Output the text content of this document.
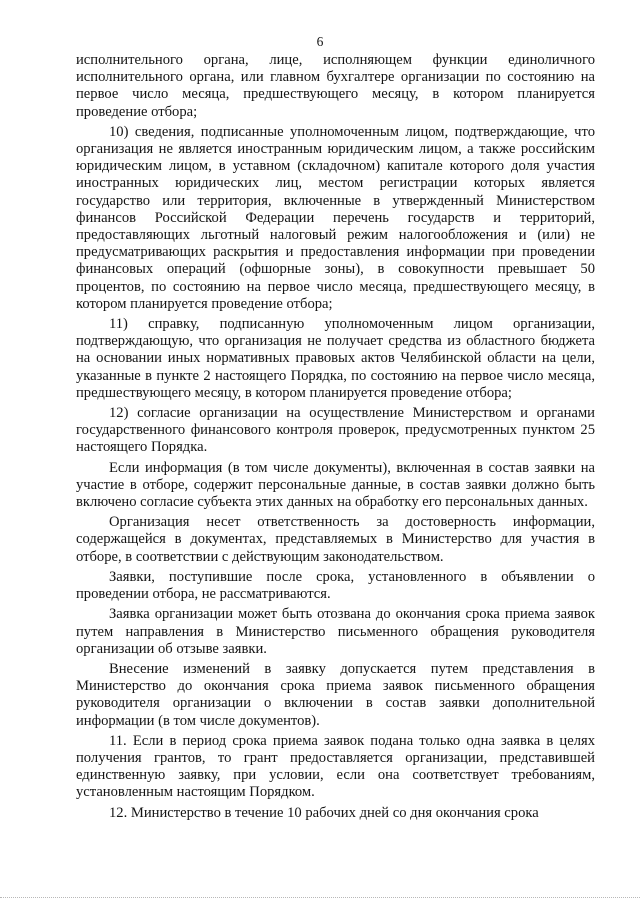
6

исполнительного органа, лице, исполняющем функции единоличного исполнительного органа, или главном бухгалтере организации по состоянию на первое число месяца, предшествующего месяцу, в котором планируется проведение отбора;

10) сведения, подписанные уполномоченным лицом, подтверждающие, что организация не является иностранным юридическим лицом, а также российским юридическим лицом, в уставном (складочном) капитале которого доля участия иностранных юридических лиц, местом регистрации которых является государство или территория, включенные в утвержденный Министерством финансов Российской Федерации перечень государств и территорий, предоставляющих льготный налоговый режим налогообложения и (или) не предусматривающих раскрытия и предоставления информации при проведении финансовых операций (офшорные зоны), в совокупности превышает 50 процентов, по состоянию на первое число месяца, предшествующего месяцу, в котором планируется проведение отбора;

11) справку, подписанную уполномоченным лицом организации, подтверждающую, что организация не получает средства из областного бюджета на основании иных нормативных правовых актов Челябинской области на цели, указанные в пункте 2 настоящего Порядка, по состоянию на первое число месяца, предшествующего месяцу, в котором планируется проведение отбора;

12) согласие организации на осуществление Министерством и органами государственного финансового контроля проверок, предусмотренных пунктом 25 настоящего Порядка.

Если информация (в том числе документы), включенная в состав заявки на участие в отборе, содержит персональные данные, в состав заявки должно быть включено согласие субъекта этих данных на обработку его персональных данных.

Организация несет ответственность за достоверность информации, содержащейся в документах, представляемых в Министерство для участия в отборе, в соответствии с действующим законодательством.

Заявки, поступившие после срока, установленного в объявлении о проведении отбора, не рассматриваются.

Заявка организации может быть отозвана до окончания срока приема заявок путем направления в Министерство письменного обращения руководителя организации об отзыве заявки.

Внесение изменений в заявку допускается путем представления в Министерство до окончания срока приема заявок письменного обращения руководителя организации о включении в состав заявки дополнительной информации (в том числе документов).

11. Если в период срока приема заявок подана только одна заявка в целях получения грантов, то грант предоставляется организации, представившей единственную заявку, при условии, если она соответствует требованиям, установленным настоящим Порядком.

12. Министерство в течение 10 рабочих дней со дня окончания срока
